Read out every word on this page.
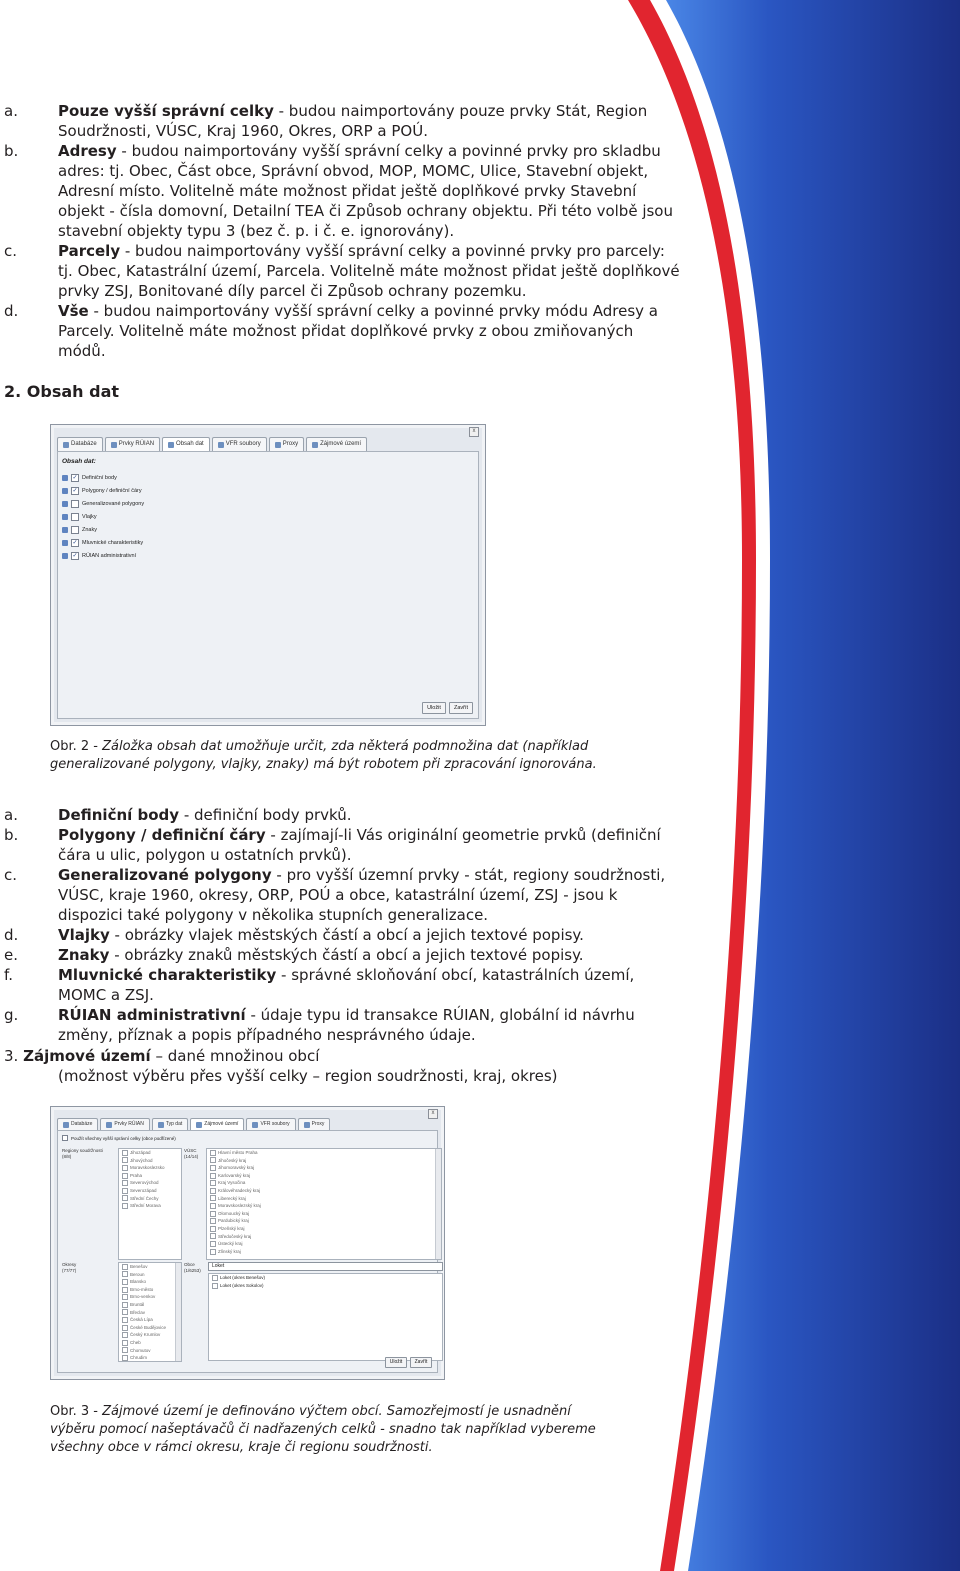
a.	Pouze vyšší správní celky - budou naimportovány pouze prvky Stát, Region Soudržnosti, VÚSC, Kraj 1960, Okres, ORP a POÚ.
b.	Adresy - budou naimportovány vyšší správní celky a povinné prvky pro skladbu adres: tj. Obec, Část obce, Správní obvod, MOP, MOMC, Ulice, Stavební objekt, Adresní místo. Volitelně máte možnost přidat ještě doplňkové prvky Stavební objekt - čísla domovní, Detailní TEA či Způsob ochrany objektu. Při této volbě jsou stavební objekty typu 3 (bez č. p. i č. e. ignorovány).
c.	Parcely - budou naimportovány vyšší správní celky a povinné prvky pro parcely: tj. Obec, Katastrální území, Parcela. Volitelně máte možnost přidat ještě doplňkové prvky ZSJ, Bonitované díly parcel či Způsob ochrany pozemku.
d.	Vše - budou naimportovány vyšší správní celky a povinné prvky módu Adresy a Parcely. Volitelně máte možnost přidat doplňkové prvky z obou zmiňovaných módů.
2. Obsah dat
x
Databáze	Prvky RÚIAN	Obsah dat	VFR soubory	Proxy	Zájmové území
Obsah dat:
✓ Definiční body
✓ Polygony / definiční čáry
Generalizované polygony
Vlajky
Znaky
✓ Mluvnické charakteristiky
✓ RÚIAN administrativní
Uložit	Zavřít
Obr. 2 - Záložka obsah dat umožňuje určit, zda některá podmnožina dat (například generalizované polygony, vlajky, znaky) má být robotem při zpracování ignorována.
a.	Definiční body - definiční body prvků.
b.	Polygony / definiční čáry - zajímají-li Vás originální geometrie prvků (definiční čára u ulic, polygon u ostatních prvků).
c.	Generalizované polygony - pro vyšší územní prvky - stát, regiony soudržnosti, VÚSC, kraje 1960, okresy, ORP, POÚ a obce, katastrální území, ZSJ - jsou k dispozici také polygony v několika stupních generalizace.
d.	Vlajky - obrázky vlajek městských částí a obcí a jejich textové popisy.
e.	Znaky - obrázky znaků městských částí a obcí a jejich textové popisy.
f.	Mluvnické charakteristiky - správné skloňování obcí, katastrálních území, MOMC a ZSJ.
g.	RÚIAN administrativní - údaje typu id transakce RÚIAN, globální id návrhu změny, příznak a popis případného nesprávného údaje.
3. Zájmové území – dané množinou obcí
(možnost výběru přes vyšší celky – region soudržnosti, kraj, okres)
x
Databáze	Prvky RÚIAN	Typ dat	Zájmové území	VFR soubory	Proxy
Použít všechny vyšší správní celky (obce podřízené)
Regiony soudržnosti
(8/8)
Jihozápad
Jihovýchod
Moravskoslezsko
Praha
Severovýchod
Severozápad
Střední Čechy
Střední Morava
VÚSC
(14/14)
Hlavní město Praha
Jihočeský kraj
Jihomoravský kraj
Karlovarský kraj
Kraj Vysočina
Královéhradecký kraj
Liberecký kraj
Moravskoslezský kraj
Olomoucký kraj
Pardubický kraj
Plzeňský kraj
Středočeský kraj
Ústecký kraj
Zlínský kraj
Okresy
(77/77)
Benešov
Beroun
Blansko
Brno-město
Brno-venkov
Bruntál
Břeclav
Česká Lípa
České Budějovice
Český Krumlov
Cheb
Chomutov
Chrudim
Obce
(1/6253)
Loket
Loket (okres Benešov)
Loket (okres Sokolov)
Uložit	Zavřít
Obr. 3 - Zájmové území je definováno výčtem obcí. Samozřejmostí je usnadnění výběru pomocí našeptávačů či nadřazených celků - snadno tak například vybereme všechny obce v rámci okresu, kraje či regionu soudržnosti.
